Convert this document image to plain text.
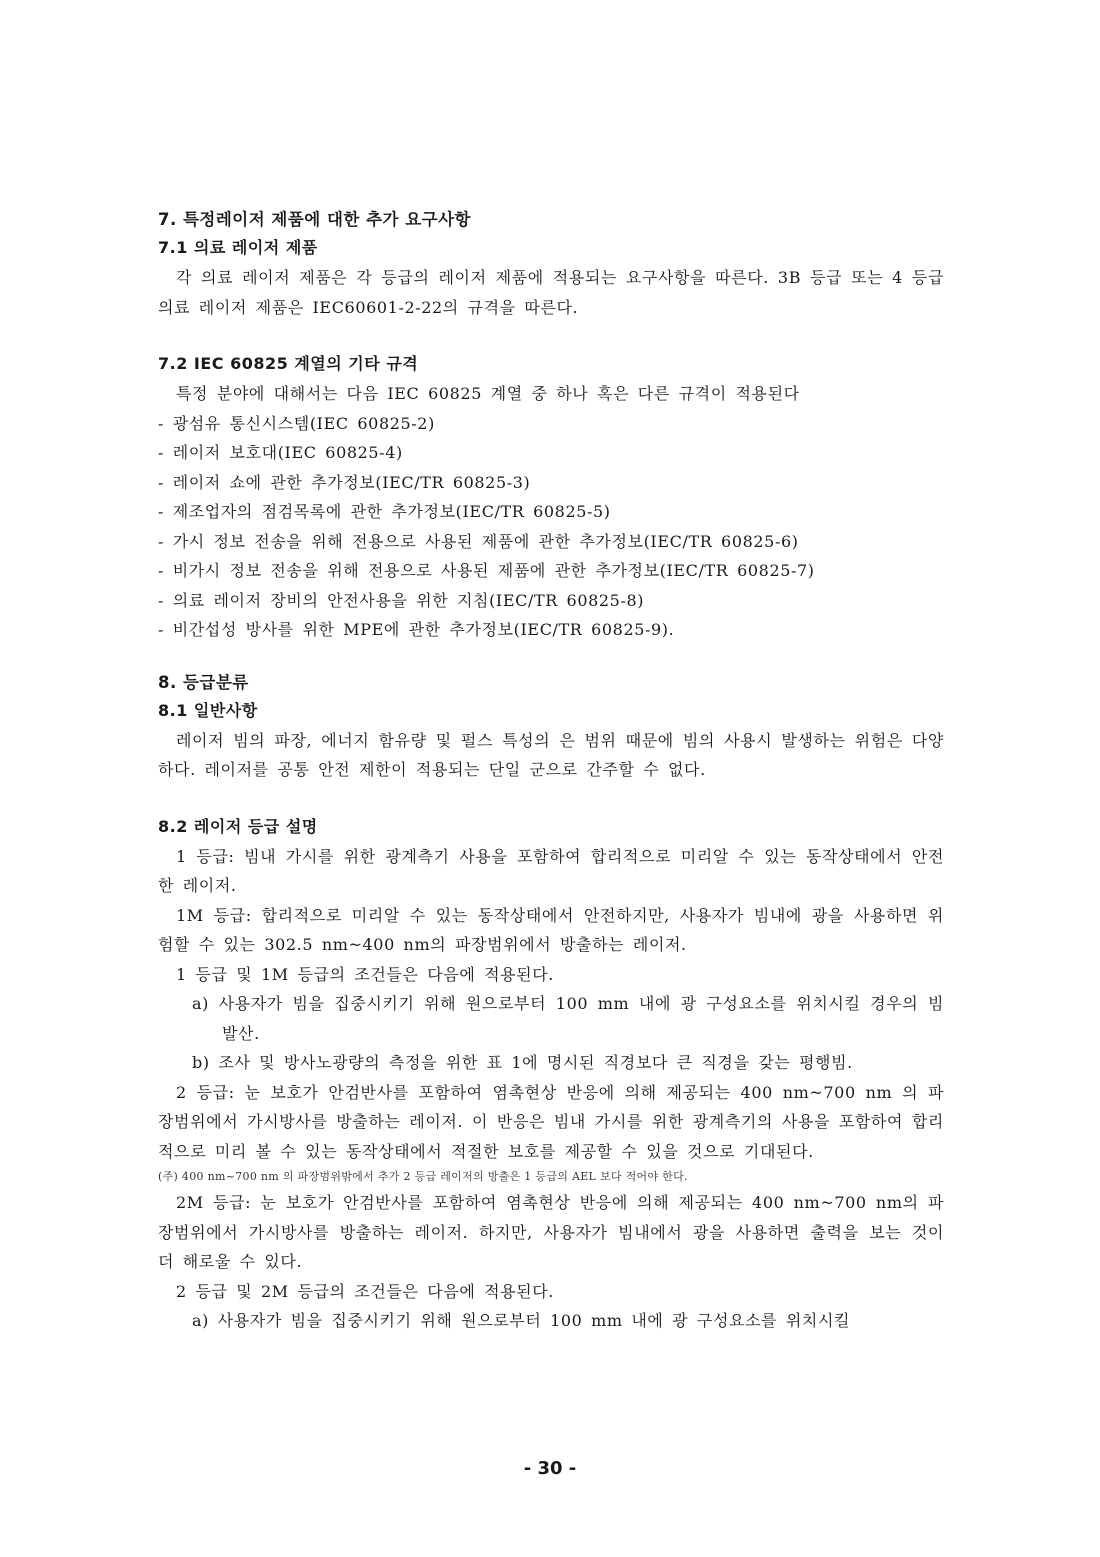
7. 특정레이저 제품에 대한 추가 요구사항
7.1 의료 레이저 제품

각 의료 레이저 제품은 각 등급의 레이저 제품에 적용되는 요구사항을 따른다. 3B 등급 또는 4 등급 의료 레이저 제품은 IEC60601-2-22의 규격을 따른다.

7.2 IEC 60825 계열의 기타 규격

특정 분야에 대해서는 다음 IEC 60825 계열 중 하나 혹은 다른 규격이 적용된다

- 광섬유 통신시스템(IEC 60825-2)

- 레이저 보호대(IEC 60825-4)

- 레이저 쇼에 관한 추가정보(IEC/TR 60825-3)

- 제조업자의 점검목록에 관한 추가정보(IEC/TR 60825-5)

- 가시 정보 전송을 위해 전용으로 사용된 제품에 관한 추가정보(IEC/TR 60825-6)

- 비가시 정보 전송을 위해 전용으로 사용된 제품에 관한 추가정보(IEC/TR 60825-7)

- 의료 레이저 장비의 안전사용을 위한 지침(IEC/TR 60825-8)

- 비간섭성 방사를 위한 MPE에 관한 추가정보(IEC/TR 60825-9).

8. 등급분류
8.1 일반사항

레이저 빔의 파장, 에너지 함유량 및 펄스 특성의 은 범위 때문에 빔의 사용시 발생하는 위험은 다양하다. 레이저를 공통 안전 제한이 적용되는 단일 군으로 간주할 수 없다.

8.2 레이저 등급 설명

1 등급: 빔내 가시를 위한 광계측기 사용을 포함하여 합리적으로 미리알 수 있는 동작상태에서 안전한 레이저.

1M 등급: 합리적으로 미리알 수 있는 동작상태에서 안전하지만, 사용자가 빔내에 광을 사용하면 위험할 수 있는 302.5 nm~400 nm의 파장범위에서 방출하는 레이저.

1 등급 및 1M 등급의 조건들은 다음에 적용된다.

a) 사용자가 빔을 집중시키기 위해 원으로부터 100 mm 내에 광 구성요소를 위치시킬 경우의 빔 발산.

b) 조사 및 방사노광량의 측정을 위한 표 1에 명시된 직경보다 큰 직경을 갖는 평행빔.

2 등급: 눈 보호가 안검반사를 포함하여 염촉현상 반응에 의해 제공되는 400 nm~700 nm 의 파장범위에서 가시방사를 방출하는 레이저. 이 반응은 빔내 가시를 위한 광계측기의 사용을 포함하여 합리적으로 미리 볼 수 있는 동작상태에서 적절한 보호를 제공할 수 있을 것으로 기대된다.

(주) 400 nm~700 nm 의 파장범위밖에서 추가 2 등급 레이저의 방출은 1 등급의 AEL 보다 적어야 한다.

2M 등급: 눈 보호가 안검반사를 포함하여 염촉현상 반응에 의해 제공되는 400 nm~700 nm의 파장범위에서 가시방사를 방출하는 레이저. 하지만, 사용자가 빔내에서 광을 사용하면 출력을 보는 것이 더 해로울 수 있다.

2 등급 및 2M 등급의 조건들은 다음에 적용된다.

a) 사용자가 빔을 집중시키기 위해 원으로부터 100 mm 내에 광 구성요소를 위치시킬

- 30 -
